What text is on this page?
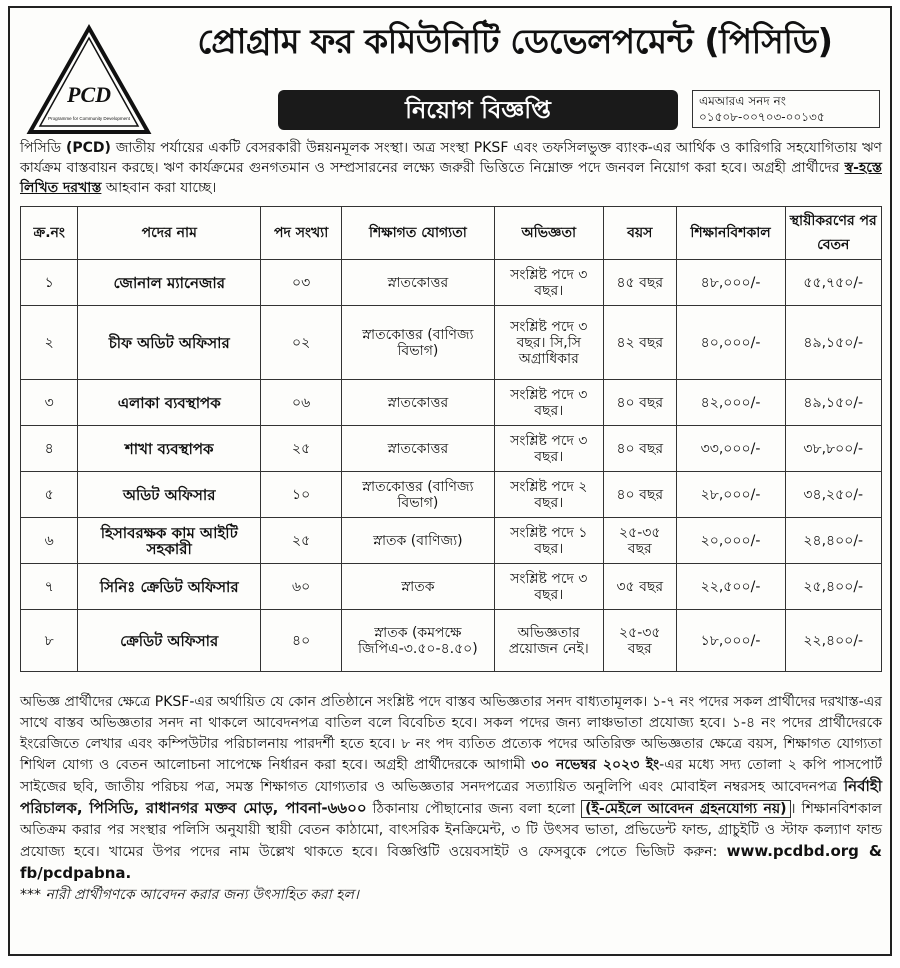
PCD
Programme for Community Development
প্রোগ্রাম ফর কমিউনিটি ডেভেলপমেন্ট (পিসিডি)
নিয়োগ বিজ্ঞপ্তি	এমআরএ সনদ নং
০১৫০৮-০০৭০৩-০০১৩৫
পিসিডি (PCD) জাতীয় পর্যায়ের একটি বেসরকারী উন্নয়নমূলক সংস্থা। অত্র সংস্থা PKSF এবং তফসিলভুক্ত ব্যাংক-এর আর্থিক ও কারিগরি সহযোগিতায় ঋণ কার্যক্রম বাস্তবায়ন করছে। ঋণ কার্যক্রমের গুনগতমান ও সম্প্রসারনের লক্ষ্যে জরুরী ভিত্তিতে নিম্নোক্ত পদে জনবল নিয়োগ করা হবে। অগ্রহী প্রার্থীদের স্ব-হস্তে লিখিত দরখাস্ত আহবান করা যাচ্ছে।
ক্র.নং	পদের নাম	পদ সংখ্যা	শিক্ষাগত যোগ্যতা	অভিজ্ঞতা	বয়স	শিক্ষানবিশকাল	স্থায়ীকরণের পর বেতন
১	জোনাল ম্যানেজার	০৩	স্নাতকোত্তর	সংশ্লিষ্ট পদে ৩ বছর।	৪৫ বছর	৪৮,০০০/-	৫৫,৭৫০/-
২	চীফ অডিট অফিসার	০২	স্নাতকোত্তর (বাণিজ্য বিভাগ)	সংশ্লিষ্ট পদে ৩ বছর। সি,সি অগ্রাধিকার	৪২ বছর	৪০,০০০/-	৪৯,১৫০/-
৩	এলাকা ব্যবস্থাপক	০৬	স্নাতকোত্তর	সংশ্লিষ্ট পদে ৩ বছর।	৪০ বছর	৪২,০০০/-	৪৯,১৫০/-
৪	শাখা ব্যবস্থাপক	২৫	স্নাতকোত্তর	সংশ্লিষ্ট পদে ৩ বছর।	৪০ বছর	৩৩,০০০/-	৩৮,৮০০/-
৫	অডিট অফিসার	১০	স্নাতকোত্তর (বাণিজ্য বিভাগ)	সংশ্লিষ্ট পদে ২ বছর।	৪০ বছর	২৮,০০০/-	৩৪,২৫০/-
৬	হিসাবরক্ষক কাম আইটি সহকারী	২৫	স্নাতক (বাণিজ্য)	সংশ্লিষ্ট পদে ১ বছর।	২৫-৩৫ বছর	২০,০০০/-	২৪,৪০০/-
৭	সিনিঃ ক্রেডিট অফিসার	৬০	স্নাতক	সংশ্লিষ্ট পদে ৩ বছর।	৩৫ বছর	২২,৫০০/-	২৫,৪০০/-
৮	ক্রেডিট অফিসার	৪০	স্নাতক (কমপক্ষে জিপিএ-৩.৫০-৪.৫০)	অভিজ্ঞতার প্রয়োজন নেই।	২৫-৩৫ বছর	১৮,০০০/-	২২,৪০০/-
অভিজ্ঞ প্রার্থীদের ক্ষেত্রে PKSF-এর অর্থায়িত যে কোন প্রতিষ্ঠানে সংশ্লিষ্ট পদে বাস্তব অভিজ্ঞতার সনদ বাধ্যতামূলক। ১-৭ নং পদের সকল প্রার্থীদের দরখাস্ত-এর সাথে বাস্তব অভিজ্ঞতার সনদ না থাকলে আবেদনপত্র বাতিল বলে বিবেচিত হবে। সকল পদের জন্য লাঞ্চভাতা প্রযোজ্য হবে। ১-৪ নং পদের প্রার্থীদেরকে ইংরেজিতে লেখার এবং কম্পিউটার পরিচালনায় পারদর্শী হতে হবে। ৮ নং পদ ব্যতিত প্রত্যেক পদের অতিরিক্ত অভিজ্ঞতার ক্ষেত্রে বয়স, শিক্ষাগত যোগ্যতা শিথিল যোগ্য ও বেতন আলোচনা সাপেক্ষে নির্ধারন করা হবে। অগ্রহী প্রার্থীদেরকে আগামী ৩০ নভেম্বর ২০২৩ ইং-এর মধ্যে সদ্য তোলা ২ কপি পাসপোর্ট সাইজের ছবি, জাতীয় পরিচয় পত্র, সমস্ত শিক্ষাগত যোগ্যতার ও অভিজ্ঞতার সনদপত্রের সত্যায়িত অনুলিপি এবং মোবাইল নম্বরসহ আবেদনপত্র নির্বাহী পরিচালক, পিসিডি, রাধানগর মক্তব মোড়, পাবনা-৬৬০০ ঠিকানায় পৌছানোর জন্য বলা হলো (ই-মেইলে আবেদন গ্রহনযোগ্য নয়) । শিক্ষানবিশকাল অতিক্রম করার পর সংস্থার পলিসি অনুযায়ী স্থায়ী বেতন কাঠামো, বাৎসরিক ইনক্রিমেন্ট, ৩ টি উৎসব ভাতা, প্রভিডেন্ট ফান্ড, গ্রাচুইটি ও স্টাফ কল্যাণ ফান্ড প্রযোজ্য হবে। খামের উপর পদের নাম উল্লেখ থাকতে হবে। বিজ্ঞপ্তিটি ওয়েবসাইট ও ফেসবুকে পেতে ভিজিট করুন: www.pcdbd.org & fb/pcdpabna.
*** নারী প্রার্থীগণকে আবেদন করার জন্য উৎসাহিত করা হল।
